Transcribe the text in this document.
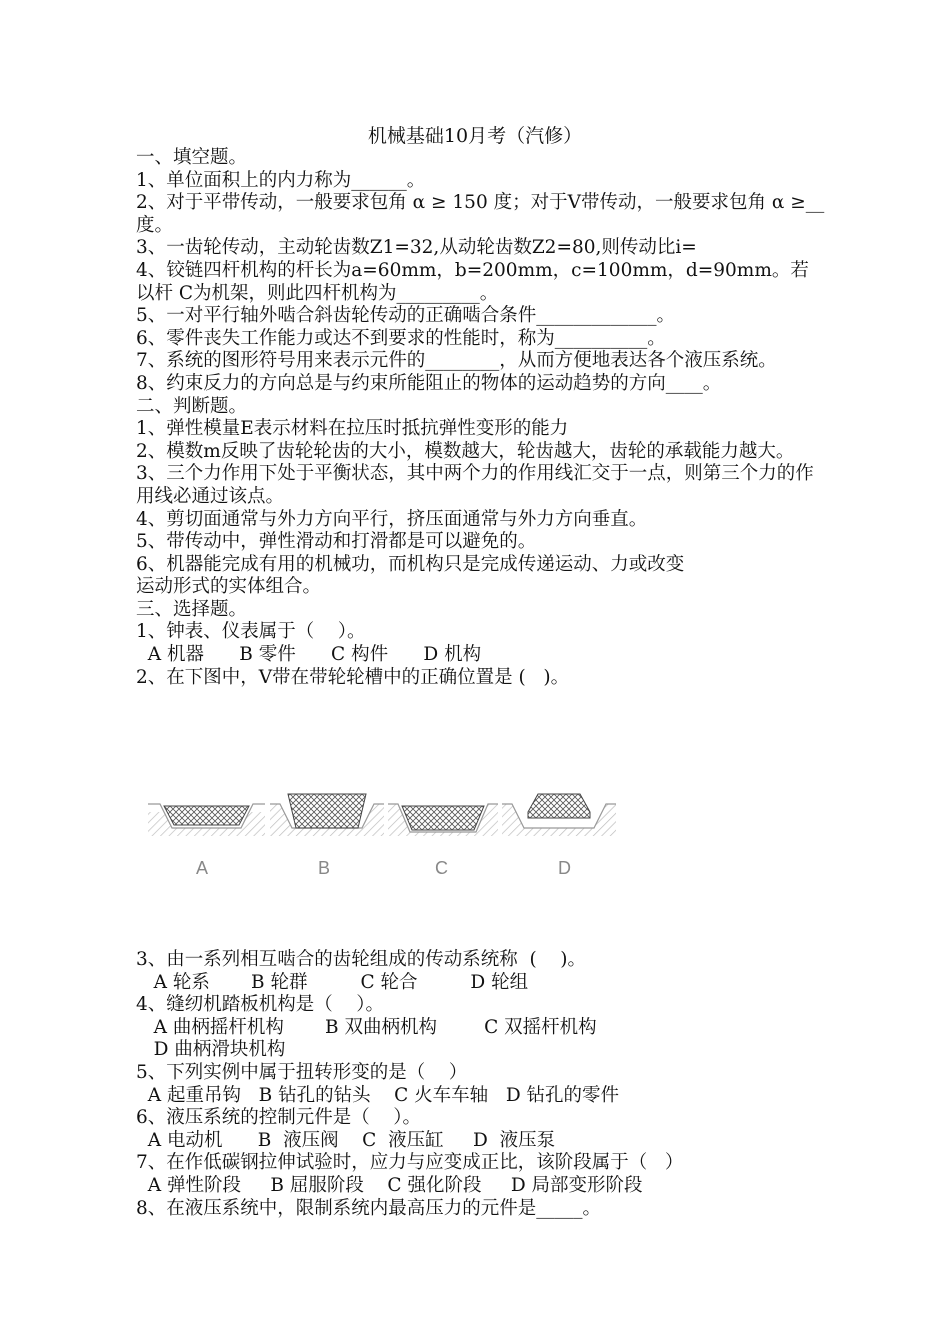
机械基础10月考（汽修）

一、填空题。

1、单位面积上的内力称为______。

2、对于平带传动，一般要求包角 α ≥ 150 度；对于V带传动，一般要求包角 α ≥__度。

3、一齿轮传动，主动轮齿数Z1=32,从动轮齿数Z2=80,则传动比i=

4、铰链四杆机构的杆长为a=60mm，b=200mm，c=100mm，d=90mm。若以杆 C为机架，则此四杆机构为_________。

5、一对平行轴外啮合斜齿轮传动的正确啮合条件_____________。

6、零件丧失工作能力或达不到要求的性能时，称为__________。

7、系统的图形符号用来表示元件的________，从而方便地表达各个液压系统。

8、约束反力的方向总是与约束所能阻止的物体的运动趋势的方向____。

二、判断题。

1、弹性模量E表示材料在拉压时抵抗弹性变形的能力

2、模数m反映了齿轮轮齿的大小，模数越大，轮齿越大，齿轮的承载能力越大。

3、三个力作用下处于平衡状态，其中两个力的作用线汇交于一点，则第三个力的作用线必通过该点。

4、剪切面通常与外力方向平行，挤压面通常与外力方向垂直。

5、带传动中，弹性滑动和打滑都是可以避免的。

6、机器能完成有用的机械功，而机构只是完成传递运动、力或改变
运动形式的实体组合。

三、选择题。

1、钟表、仪表属于（    ）。

A 机器      B 零件      C 构件      D 机构

2、在下图中，V带在带轮轮槽中的正确位置是 (   )。

A	B	C	D

3、由一系列相互啮合的齿轮组成的传动系统称  (    )。

A 轮系       B 轮群         C 轮合         D 轮组

4、缝纫机踏板机构是（    ）。

A 曲柄摇杆机构       B 双曲柄机构        C 双摇杆机构

D 曲柄滑块机构

5、下列实例中属于扭转形变的是（    ）

A 起重吊钩   B 钻孔的钻头    C 火车车轴   D 钻孔的零件

6、液压系统的控制元件是（    ）。

A 电动机      B  液压阀    C  液压缸     D  液压泵

7、在作低碳钢拉伸试验时，应力与应变成正比，该阶段属于（   ）

A 弹性阶段     B 屈服阶段    C 强化阶段     D 局部变形阶段

8、在液压系统中，限制系统内最高压力的元件是_____。
